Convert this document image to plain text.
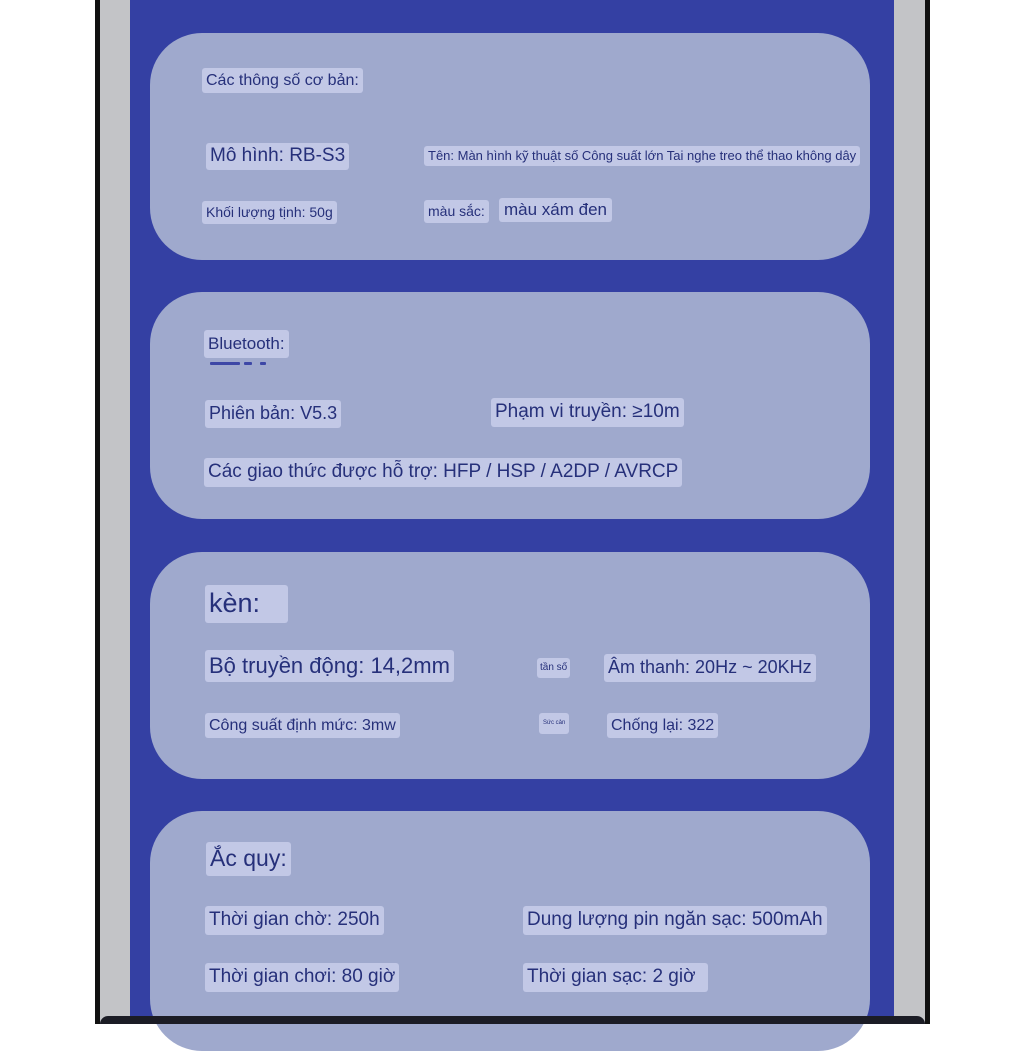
Các thông số cơ bản:
Mô hình: RB-S3	Tên: Màn hình kỹ thuật số Công suất lớn Tai nghe treo thể thao không dây
Khối lượng tịnh: 50g	màu sắc: màu xám đen
Bluetooth:
Phiên bản: V5.3	Phạm vi truyền: ≥10m
Các giao thức được hỗ trợ: HFP / HSP / A2DP / AVRCP
kèn:
Bộ truyền động: 14,2mm	tần số Âm thanh: 20Hz ~ 20KHz
Công suất định mức: 3mw	Sức cản	Chống lại: 322
Ắc quy:
Thời gian chờ: 250h	Dung lượng pin ngăn sạc: 500mAh
Thời gian chơi: 80 giờ	Thời gian sạc: 2 giờ
